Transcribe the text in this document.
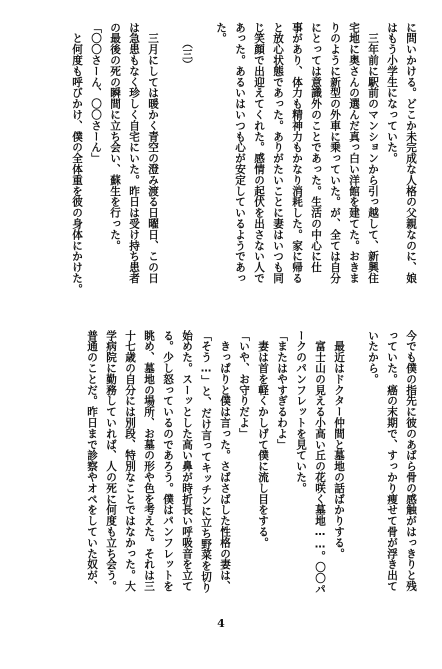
に問いかける。どこか未完成な人格の父親なのに、娘
はもう小学生になっていた。
　三年前に駅前のマンションから引っ越して、新興住
宅地に奥さんの選んだ真っ白い洋館を建てた。おきま
りのように新型の外車に乗っていた。が、全ては自分
にとっては意識外のことであった。生活の中心に仕
事があり、体力も精神力もかなり消耗した。家に帰る
と放心状態であった。ありがたいことに妻はいつも同
じ笑顔で出迎えてくれた。感情の起伏を出さない人で
あった。あるいはいつも心が安定しているようであっ
た。
　　（三）
　三月にしては暖かく青空の澄み渡る日曜日、この日
は急患もなく珍しく自宅にいた。昨日は受け持ち患者
の最後の死の瞬間に立ち会い、蘇生を行った。
「〇〇さーん、〇〇さーん」
　と何度も呼びかけ、僕の全体重を彼の身体にかけた。
今でも僕の指先に彼のあばら骨の感触がはっきりと残
っていた。癌の末期で、すっかり痩せて骨が浮き出て
いたから。
　最近はドクター仲間と墓地の話ばかりする。
　富士山の見える小高い丘の花咲く墓地……。〇〇パ
ークのパンフレットを見ていた。
「またはやすぎるわよ」
　妻は首を軽くかしげて僕に流し目をする。
「いや、お守りだよ」
　きっぱりと僕は言った。さばさばした性格の妻は、
「そう…」と、だけ言ってキッチンに立ち野菜を切り
始めた。スーッとした高い鼻が時折長い呼吸音を立て
る。少し怒っているのであろう。僕はパンフレットを
眺め、墓地の場所、お墓の形や色を考えた。それは三
十七歳の自分には別段、特別なことではなかった。大
学病院に勤務していれば、人の死に何度も立ち会う。
普通のことだ。昨日まで診察やオペをしていた奴が、
4
